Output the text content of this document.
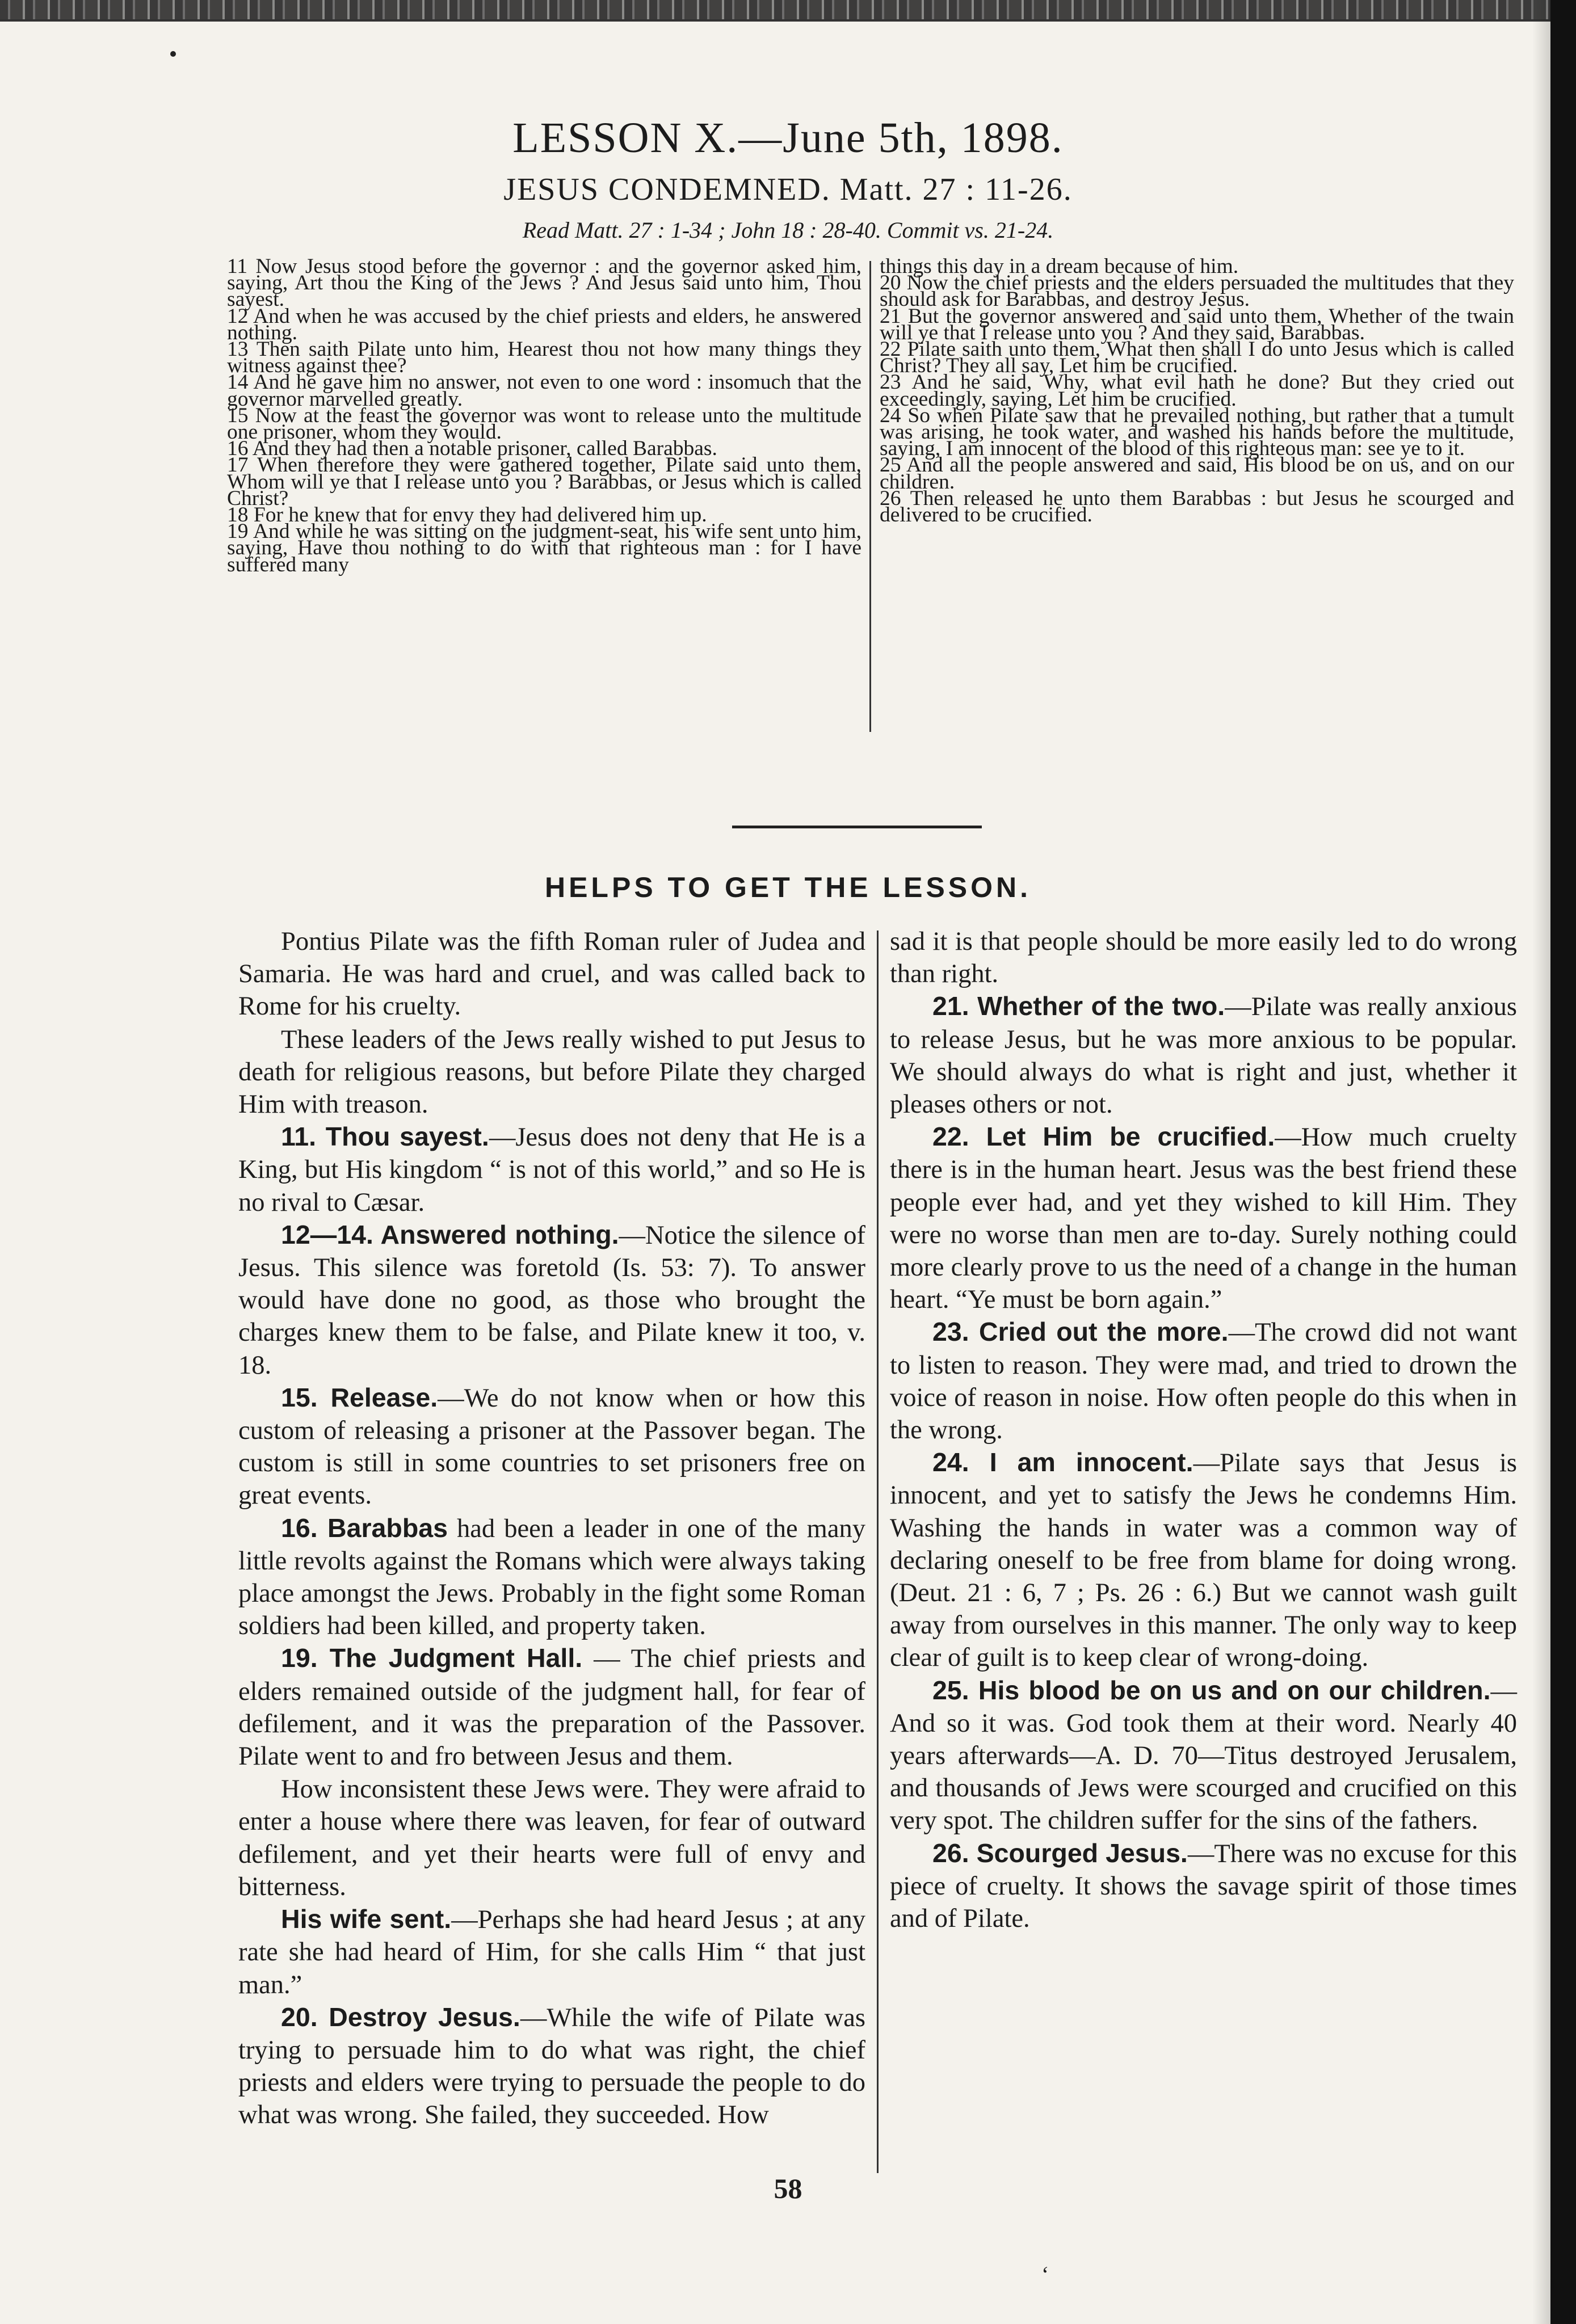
LESSON X.—June 5th, 1898.
JESUS CONDEMNED. Matt. 27 : 11-26.
Read Matt. 27 : 1-34 ; John 18 : 28-40. Commit vs. 21-24.

11 Now Jesus stood before the governor : and the governor asked him, saying, Art thou the King of the Jews ? And Jesus said unto him, Thou sayest.

12 And when he was accused by the chief priests and elders, he answered nothing.

13 Then saith Pilate unto him, Hearest thou not how many things they witness against thee?

14 And he gave him no answer, not even to one word : insomuch that the governor marvelled greatly.

15 Now at the feast the governor was wont to release unto the multitude one prisoner, whom they would.

16 And they had then a notable prisoner, called Barabbas.

17 When therefore they were gathered together, Pilate said unto them, Whom will ye that I release unto you ? Barabbas, or Jesus which is called Christ?

18 For he knew that for envy they had delivered him up.

19 And while he was sitting on the judgment-seat, his wife sent unto him, saying, Have thou nothing to do with that righteous man : for I have suffered many

things this day in a dream because of him.

20 Now the chief priests and the elders persuaded the multitudes that they should ask for Barabbas, and destroy Jesus.

21 But the governor answered and said unto them, Whether of the twain will ye that I release unto you ? And they said, Barabbas.

22 Pilate saith unto them, What then shall I do unto Jesus which is called Christ? They all say, Let him be crucified.

23 And he said, Why, what evil hath he done? But they cried out exceedingly, saying, Let him be crucified.

24 So when Pilate saw that he prevailed nothing, but rather that a tumult was arising, he took water, and washed his hands before the multitude, saying, I am innocent of the blood of this righteous man: see ye to it.

25 And all the people answered and said, His blood be on us, and on our children.

26 Then released he unto them Barabbas : but Jesus he scourged and delivered to be crucified.

HELPS TO GET THE LESSON.

Pontius Pilate was the fifth Roman ruler of Judea and Samaria. He was hard and cruel, and was called back to Rome for his cruelty.

These leaders of the Jews really wished to put Jesus to death for religious reasons, but before Pilate they charged Him with treason.

11. Thou sayest.—Jesus does not deny that He is a King, but His kingdom “ is not of this world,” and so He is no rival to Cæsar.

12—14. Answered nothing.—Notice the silence of Jesus. This silence was foretold (Is. 53: 7). To answer would have done no good, as those who brought the charges knew them to be false, and Pilate knew it too, v. 18.

15. Release.—We do not know when or how this custom of releasing a prisoner at the Passover began. The custom is still in some countries to set prisoners free on great events.

16. Barabbas had been a leader in one of the many little revolts against the Romans which were always taking place amongst the Jews. Probably in the fight some Roman soldiers had been killed, and property taken.

19. The Judgment Hall. — The chief priests and elders remained outside of the judgment hall, for fear of defilement, and it was the preparation of the Passover. Pilate went to and fro between Jesus and them.

How inconsistent these Jews were. They were afraid to enter a house where there was leaven, for fear of outward defilement, and yet their hearts were full of envy and bitterness.

His wife sent.—Perhaps she had heard Jesus ; at any rate she had heard of Him, for she calls Him “ that just man.”

20. Destroy Jesus.—While the wife of Pilate was trying to persuade him to do what was right, the chief priests and elders were trying to persuade the people to do what was wrong. She failed, they succeeded. How

sad it is that people should be more easily led to do wrong than right.

21. Whether of the two.—Pilate was really anxious to release Jesus, but he was more anxious to be popular. We should always do what is right and just, whether it pleases others or not.

22. Let Him be crucified.—How much cruelty there is in the human heart. Jesus was the best friend these people ever had, and yet they wished to kill Him. They were no worse than men are to-day. Surely nothing could more clearly prove to us the need of a change in the human heart. “Ye must be born again.”

23. Cried out the more.—The crowd did not want to listen to reason. They were mad, and tried to drown the voice of reason in noise. How often people do this when in the wrong.

24. I am innocent.—Pilate says that Jesus is innocent, and yet to satisfy the Jews he condemns Him. Washing the hands in water was a common way of declaring oneself to be free from blame for doing wrong. (Deut. 21 : 6, 7 ; Ps. 26 : 6.) But we cannot wash guilt away from ourselves in this manner. The only way to keep clear of guilt is to keep clear of wrong-doing.

25. His blood be on us and on our children.—And so it was. God took them at their word. Nearly 40 years afterwards—A. D. 70—Titus destroyed Jerusalem, and thousands of Jews were scourged and crucified on this very spot. The children suffer for the sins of the fathers.

26. Scourged Jesus.—There was no excuse for this piece of cruelty. It shows the savage spirit of those times and of Pilate.

58
‘
